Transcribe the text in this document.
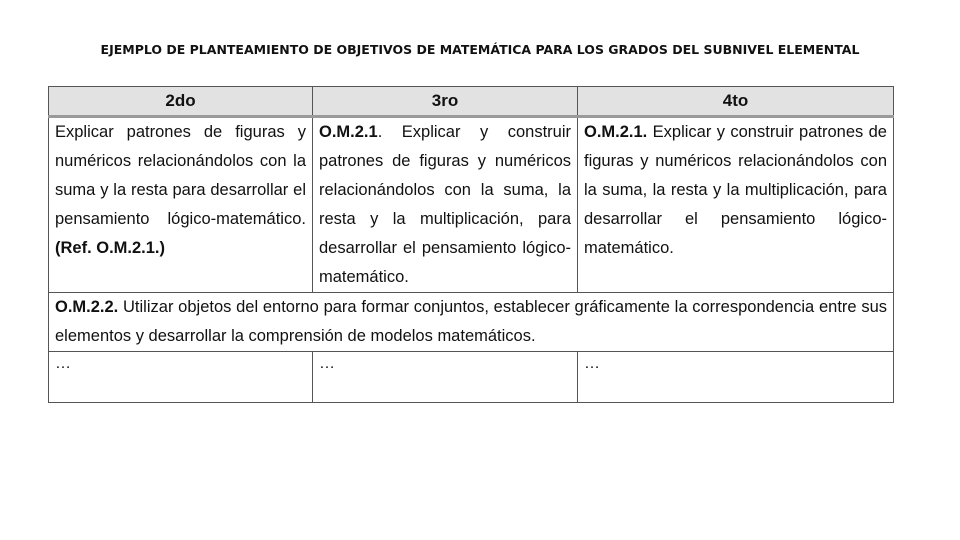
EJEMPLO DE PLANTEAMIENTO DE OBJETIVOS DE MATEMÁTICA PARA LOS GRADOS DEL SUBNIVEL ELEMENTAL
2do	3ro	4to
Explicar patrones de figuras y numéricos relacionándolos con la suma y la resta para desarrollar el pensamiento lógico-matemático. (Ref. O.M.2.1.)	O.M.2.1. Explicar y construir patrones de figuras y numéricos relacionándolos con la suma, la resta y la multiplicación, para desarrollar el pensamiento lógico-matemático.	O.M.2.1. Explicar y construir patrones de figuras y numéricos relacionándolos con la suma, la resta y la multiplicación, para desarrollar el pensamiento lógico-matemático.
O.M.2.2. Utilizar objetos del entorno para formar conjuntos, establecer gráficamente la correspondencia entre sus elementos y desarrollar la comprensión de modelos matemáticos.		
…	…	…
